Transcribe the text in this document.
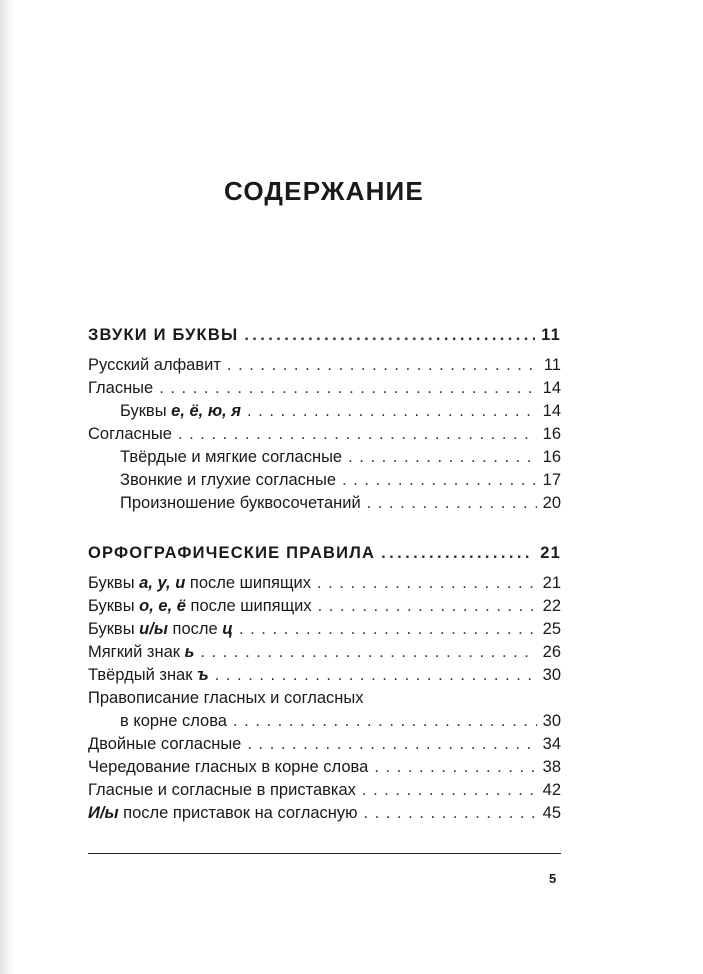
СОДЕРЖАНИЕ
ЗВУКИ И БУКВЫ .....	11
Русский алфавит . . .	11
Гласные . . .	14
Буквы е, ё, ю, я . . .	14
Согласные . . .	16
Твёрдые и мягкие согласные . . .	16
Звонкие и глухие согласные . . .	17
Произношение буквосочетаний . . .	20
ОРФОГРАФИЧЕСКИЕ ПРАВИЛА .....	21
Буквы а, у, и после шипящих . . .	21
Буквы о, е, ё после шипящих . . .	22
Буквы и/ы после ц . . .	25
Мягкий знак ь . . .	26
Твёрдый знак ъ . . .	30
Правописание гласных и согласных
в корне слова . . .	30
Двойные согласные . . .	34
Чередование гласных в корне слова . . .	38
Гласные и согласные в приставках . . .	42
И/ы после приставок на согласную . . .	45
5
